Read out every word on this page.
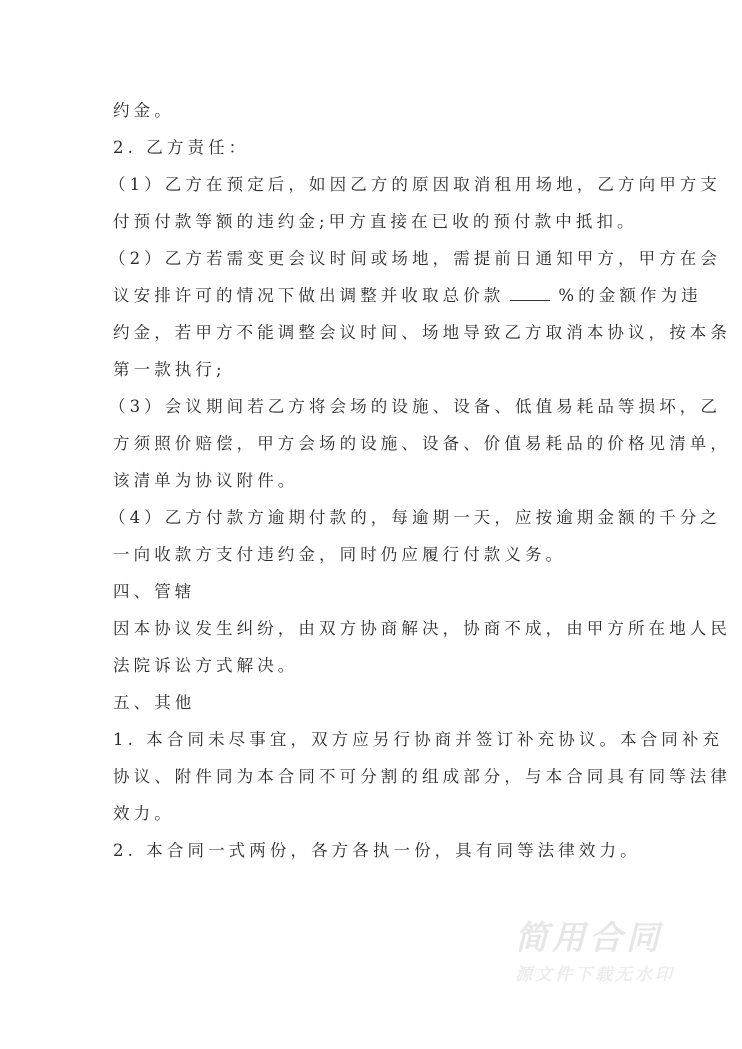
约金。
2. 乙方责任：
（1）乙方在预定后，如因乙方的原因取消租用场地，乙方向甲方支
付预付款等额的违约金;甲方直接在已收的预付款中抵扣。
（2）乙方若需变更会议时间或场地，需提前日通知甲方，甲方在会
议安排许可的情况下做出调整并收取总价款	%的金额作为违
约金，若甲方不能调整会议时间、场地导致乙方取消本协议，按本条
第一款执行;
（3）会议期间若乙方将会场的设施、设备、低值易耗品等损坏，乙
方须照价赔偿，甲方会场的设施、设备、价值易耗品的价格见清单，
该清单为协议附件。
（4）乙方付款方逾期付款的，每逾期一天，应按逾期金额的千分之
一向收款方支付违约金，同时仍应履行付款义务。
四、管辖
因本协议发生纠纷，由双方协商解决，协商不成，由甲方所在地人民
法院诉讼方式解决。
五、其他
1. 本合同未尽事宜，双方应另行协商并签订补充协议。本合同补充
协议、附件同为本合同不可分割的组成部分，与本合同具有同等法律
效力。
2. 本合同一式两份，各方各执一份，具有同等法律效力。
简用合同
源文件下载无水印
